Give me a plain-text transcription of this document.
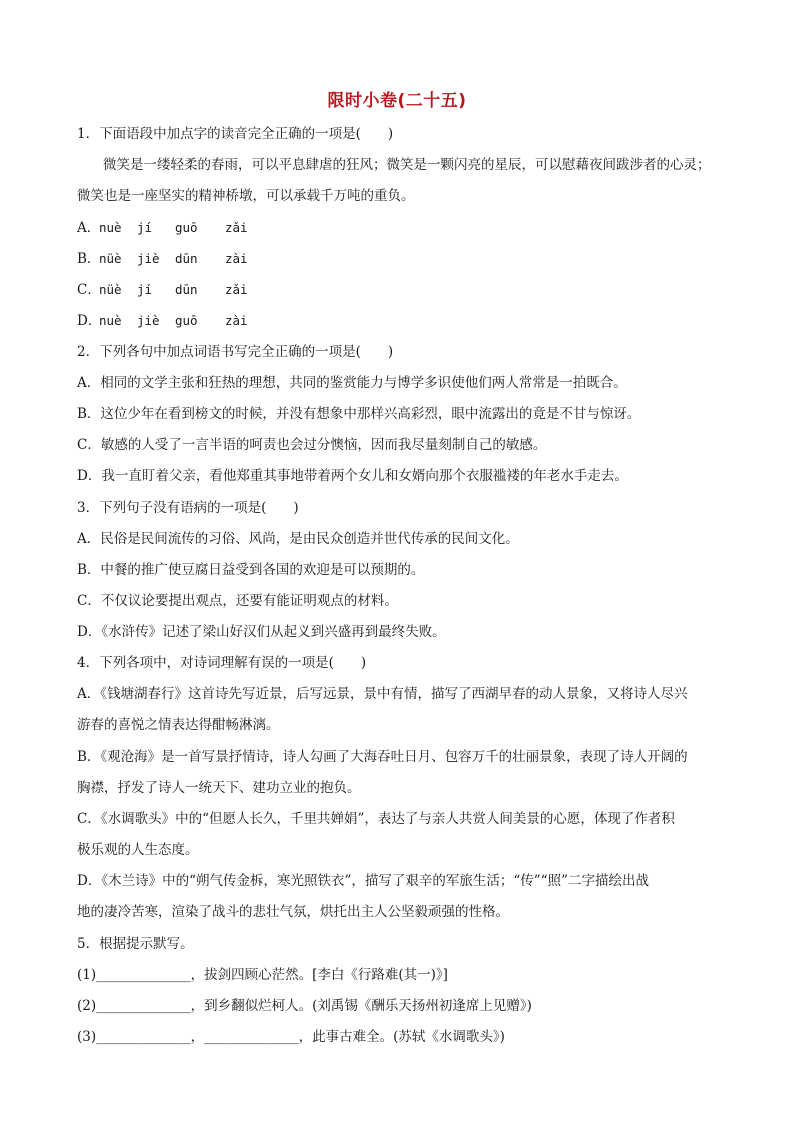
限时小卷(二十五)
1．下面语段中加点字的读音完全正确的一项是(　　)
微笑是一缕轻柔的春雨，可以平息肆虐的狂风；微笑是一颗闪亮的星辰，可以慰藉夜间跋涉者的心灵；
微笑也是一座坚实的精神桥墩，可以承载千万吨的重负。
A．
nuè	jí	guō	zǎi
B．
nüè	jiè	dūn	zài
C．
nüè	jí	dūn	zǎi
D．
nuè	jiè	guō	zài
2．下列各句中加点词语书写完全正确的一项是(　　)
A．相同的文学主张和狂热的理想，共同的鉴赏能力与博学多识使他们两人常常是一拍既合。
B．这位少年在看到榜文的时候，并没有想象中那样兴高彩烈，眼中流露出的竟是不甘与惊讶。
C．敏感的人受了一言半语的呵责也会过分懊恼，因而我尽量刻制自己的敏感。
D．我一直盯着父亲，看他郑重其事地带着两个女儿和女婿向那个衣服褴褛的年老水手走去。
3．下列句子没有语病的一项是(　　)
A．民俗是民间流传的习俗、风尚，是由民众创造并世代传承的民间文化。
B．中餐的推广使豆腐日益受到各国的欢迎是可以预期的。
C．不仅议论要提出观点，还要有能证明观点的材料。
D．《水浒传》记述了梁山好汉们从起义到兴盛再到最终失败。
4．下列各项中，对诗词理解有误的一项是(　　)
A．《钱塘湖春行》这首诗先写近景，后写远景，景中有情，描写了西湖早春的动人景象，又将诗人尽兴
游春的喜悦之情表达得酣畅淋漓。
B．《观沧海》是一首写景抒情诗，诗人勾画了大海吞吐日月、包容万千的壮丽景象，表现了诗人开阔的
胸襟，抒发了诗人一统天下、建功立业的抱负。
C．《水调歌头》中的“但愿人长久，千里共婵娟”，表达了与亲人共赏人间美景的心愿，体现了作者积
极乐观的人生态度。
D．《木兰诗》中的“朔气传金柝，寒光照铁衣”，描写了艰辛的军旅生活；“传”“照”二字描绘出战
地的凄冷苦寒，渲染了战斗的悲壮气氛，烘托出主人公坚毅顽强的性格。
5．根据提示默写。
(1)______________，拔剑四顾心茫然。[李白《行路难(其一)》]
(2)______________，到乡翻似烂柯人。(刘禹锡《酬乐天扬州初逢席上见赠》)
(3)______________，______________，此事古难全。(苏轼《水调歌头》)
